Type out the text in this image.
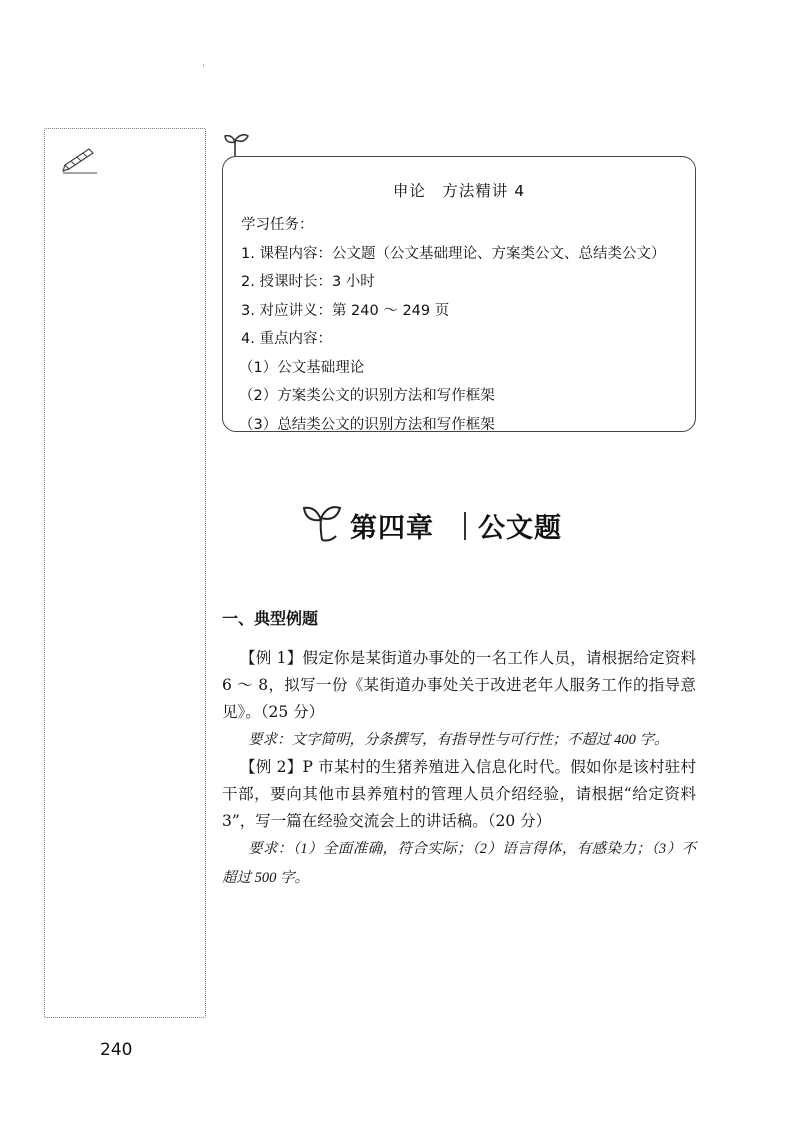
申论　方法精讲 4
学习任务：
1. 课程内容：公文题（公文基础理论、方案类公文、总结类公文）
2. 授课时长：3 小时
3. 对应讲义：第 240 ～ 249 页
4. 重点内容：
（1）公文基础理论
（2）方案类公文的识别方法和写作框架
（3）总结类公文的识别方法和写作框架
第四章 公文题
一、典型例题

【例 1】假定你是某街道办事处的一名工作人员，请根据给定资料 6 ～ 8，拟写一份《某街道办事处关于改进老年人服务工作的指导意见》。（25 分）

要求：文字简明，分条撰写，有指导性与可行性；不超过 400 字。

【例 2】P 市某村的生猪养殖进入信息化时代。假如你是该村驻村干部，要向其他市县养殖村的管理人员介绍经验，请根据“给定资料 3”，写一篇在经验交流会上的讲话稿。（20 分）

要求：（1）全面准确，符合实际；（2）语言得体，有感染力；（3）不超过 500 字。

240
